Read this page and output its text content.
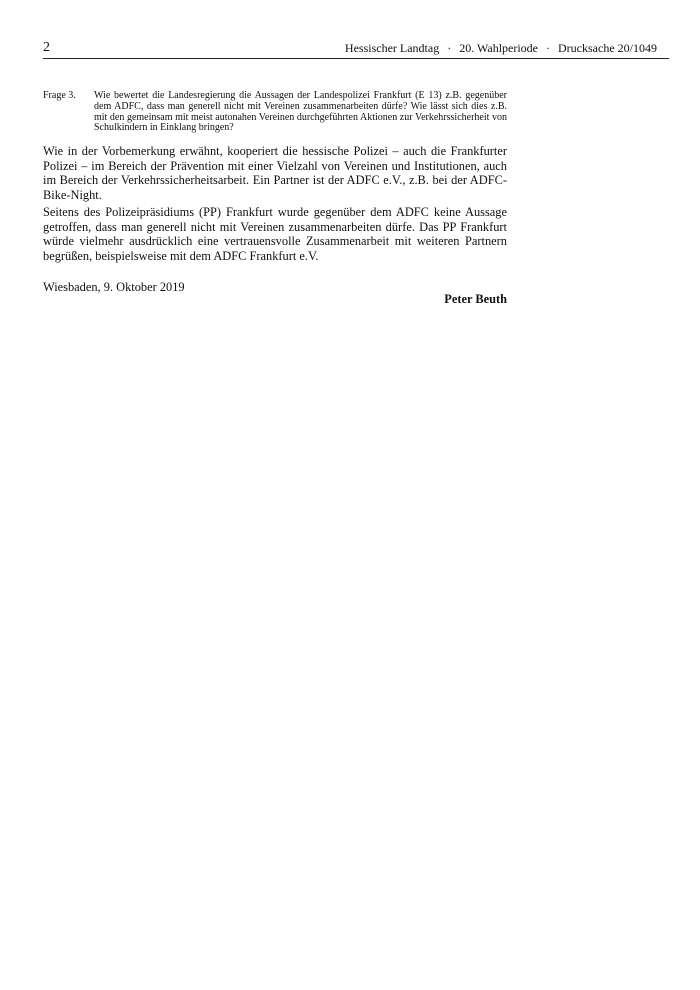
2	Hessischer Landtag · 20. Wahlperiode · Drucksache 20/1049
Frage 3. Wie bewertet die Landesregierung die Aussagen der Landespolizei Frankfurt (E 13) z.B. gegenüber dem ADFC, dass man generell nicht mit Vereinen zusammenarbeiten dürfe? Wie lässt sich dies z.B. mit den gemeinsam mit meist autonahen Vereinen durchgeführten Aktionen zur Verkehrssicherheit von Schulkindern in Einklang bringen?

Wie in der Vorbemerkung erwähnt, kooperiert die hessische Polizei – auch die Frankfurter Polizei – im Bereich der Prävention mit einer Vielzahl von Vereinen und Institutionen, auch im Bereich der Verkehrssicherheitsarbeit. Ein Partner ist der ADFC e.V., z.B. bei der ADFC-Bike-Night.

Seitens des Polizeipräsidiums (PP) Frankfurt wurde gegenüber dem ADFC keine Aussage getroffen, dass man generell nicht mit Vereinen zusammenarbeiten dürfe. Das PP Frankfurt würde vielmehr ausdrücklich eine vertrauensvolle Zusammenarbeit mit weiteren Partnern begrüßen, beispielsweise mit dem ADFC Frankfurt e.V.

Wiesbaden, 9. Oktober 2019
Peter Beuth
